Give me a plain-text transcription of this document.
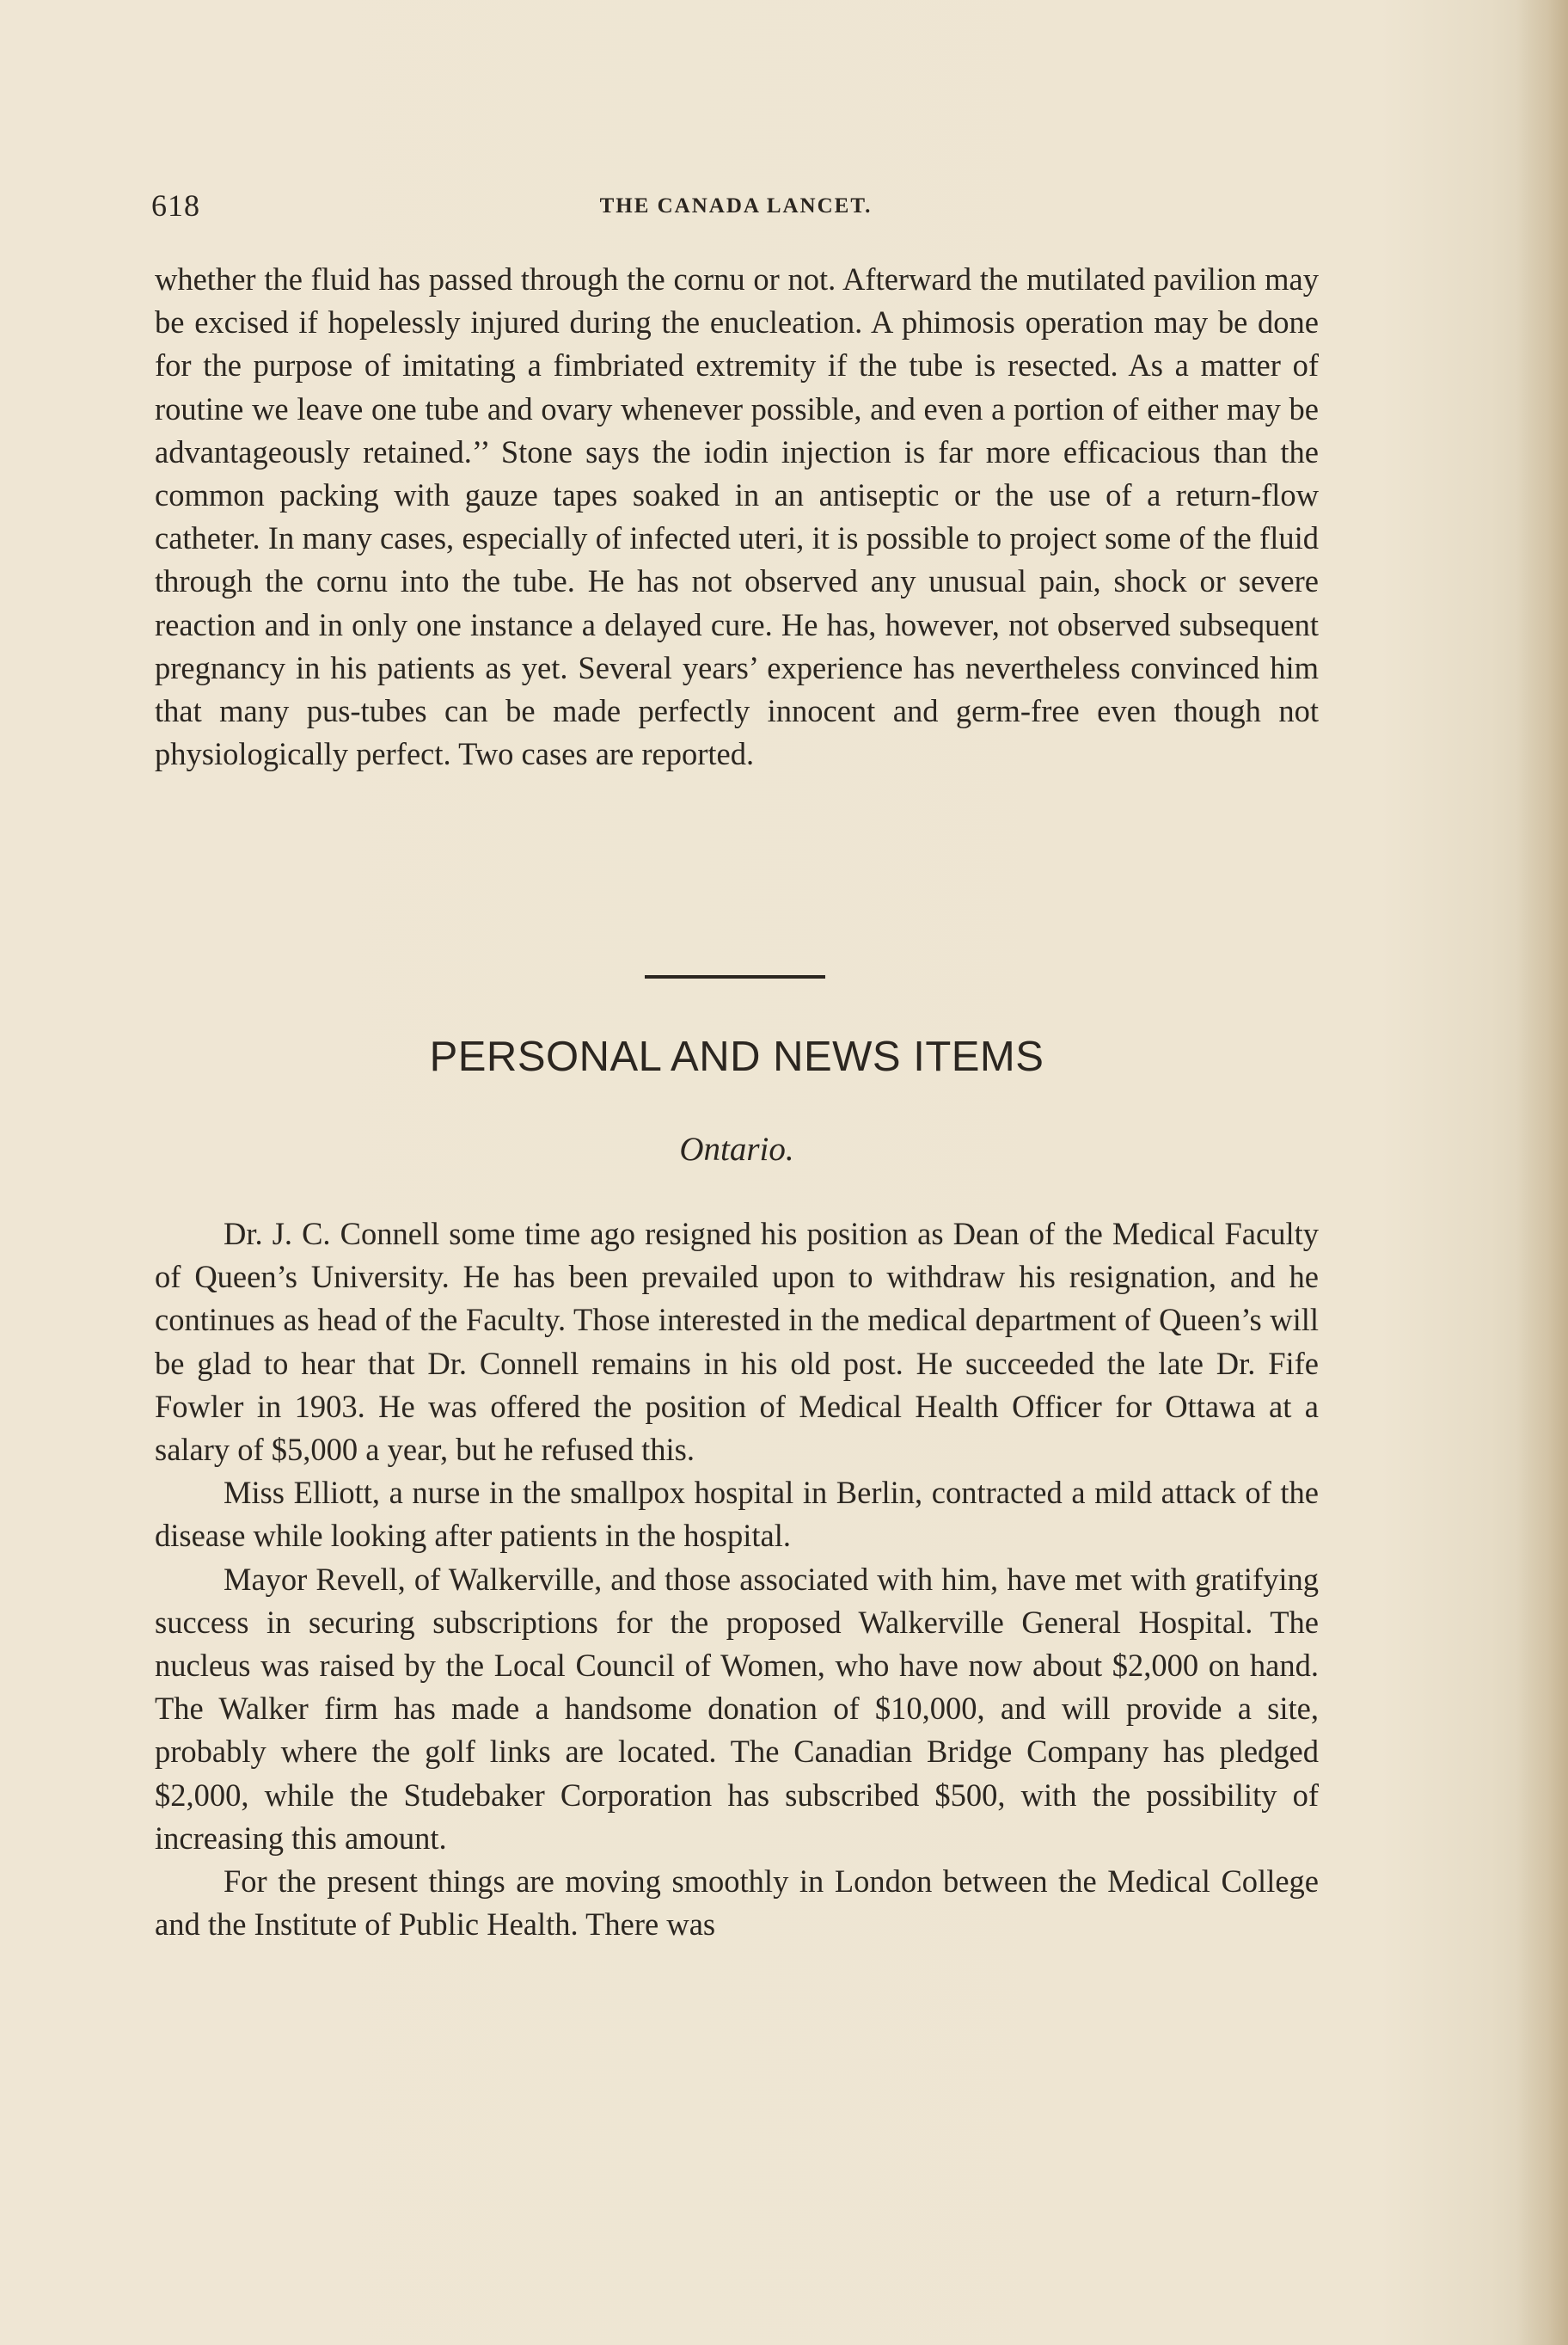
618	THE CANADA LANCET.

whether the fluid has passed through the cornu or not. Afterward the mutilated pavilion may be excised if hopelessly injured during the enucleation. A phimosis operation may be done for the purpose of imitating a fimbriated extremity if the tube is resected. As a matter of routine we leave one tube and ovary whenever possible, and even a portion of either may be advantageously retained.’’ Stone says the iodin injection is far more efficacious than the common packing with gauze tapes soaked in an antiseptic or the use of a return-flow catheter. In many cases, especially of infected uteri, it is possible to project some of the fluid through the cornu into the tube. He has not observed any unusual pain, shock or severe reaction and in only one instance a delayed cure. He has, however, not observed subsequent pregnancy in his patients as yet. Several years’ experience has nevertheless convinced him that many pus-tubes can be made perfectly innocent and germ-free even though not physiologically perfect. Two cases are reported.

PERSONAL AND NEWS ITEMS
Ontario.

Dr. J. C. Connell some time ago resigned his position as Dean of the Medical Faculty of Queen’s University. He has been prevailed upon to withdraw his resignation, and he continues as head of the Faculty. Those interested in the medical department of Queen’s will be glad to hear that Dr. Connell remains in his old post. He succeeded the late Dr. Fife Fowler in 1903. He was offered the position of Medical Health Officer for Ottawa at a salary of $5,000 a year, but he refused this.

Miss Elliott, a nurse in the smallpox hospital in Berlin, contracted a mild attack of the disease while looking after patients in the hospital.

Mayor Revell, of Walkerville, and those associated with him, have met with gratifying success in securing subscriptions for the proposed Walkerville General Hospital. The nucleus was raised by the Local Council of Women, who have now about $2,000 on hand. The Walker firm has made a handsome donation of $10,000, and will provide a site, probably where the golf links are located. The Canadian Bridge Company has pledged $2,000, while the Studebaker Corporation has subscribed $500, with the possibility of increasing this amount.

For the present things are moving smoothly in London between the Medical College and the Institute of Public Health. There was
